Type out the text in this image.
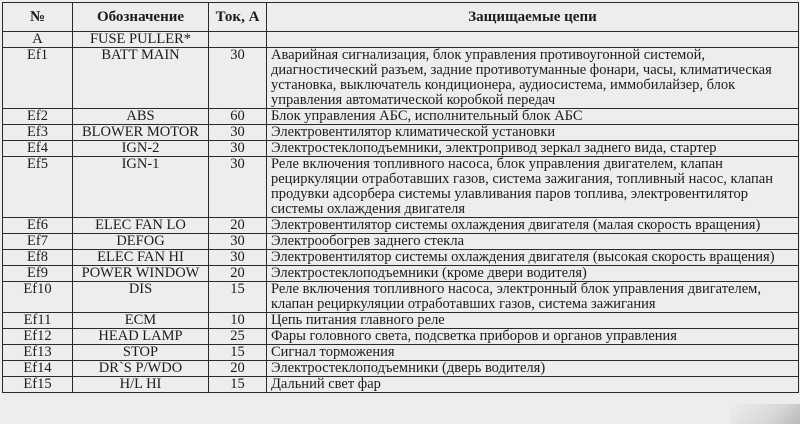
№	Обозначение	Ток, А	Защищаемые цепи
A	FUSE PULLER*		
Ef1	BATT MAIN	30	Аварийная сигнализация, блок управления противоугонной системой, диагностический разъем, задние противотуманные фонари, часы, климатическая установка, выключатель кондиционера, аудиосистема, иммобилайзер, блок управления автоматической коробкой передач
Ef2	ABS	60	Блок управления АБС, исполнительный блок АБС
Ef3	BLOWER MOTOR	30	Электровентилятор климатической установки
Ef4	IGN-2	30	Электростеклоподъемники, электропривод зеркал заднего вида, стартер
Ef5	IGN-1	30	Реле включения топливного насоса, блок управления двигателем, клапан рециркуляции отработавших газов, система зажигания, топливный насос, клапан продувки адсорбера системы улавливания паров топлива, электровентилятор системы охлаждения двигателя
Ef6	ELEC FAN LO	20	Электровентилятор системы охлаждения двигателя (малая скорость вращения)
Ef7	DEFOG	30	Электрообогрев заднего стекла
Ef8	ELEC FAN HI	30	Электровентилятор системы охлаждения двигателя (высокая скорость вращения)
Ef9	POWER WINDOW	20	Электростеклоподъемники (кроме двери водителя)
Ef10	DIS	15	Реле включения топливного насоса, электронный блок управления двигателем, клапан рециркуляции отработавших газов, система зажигания
Ef11	ECM	10	Цепь питания главного реле
Ef12	HEAD LAMP	25	Фары головного света, подсветка приборов и органов управления
Ef13	STOP	15	Сигнал торможения
Ef14	DR`S P/WDO	20	Электростеклоподъемники (дверь водителя)
Ef15	H/L HI	15	Дальний свет фар
